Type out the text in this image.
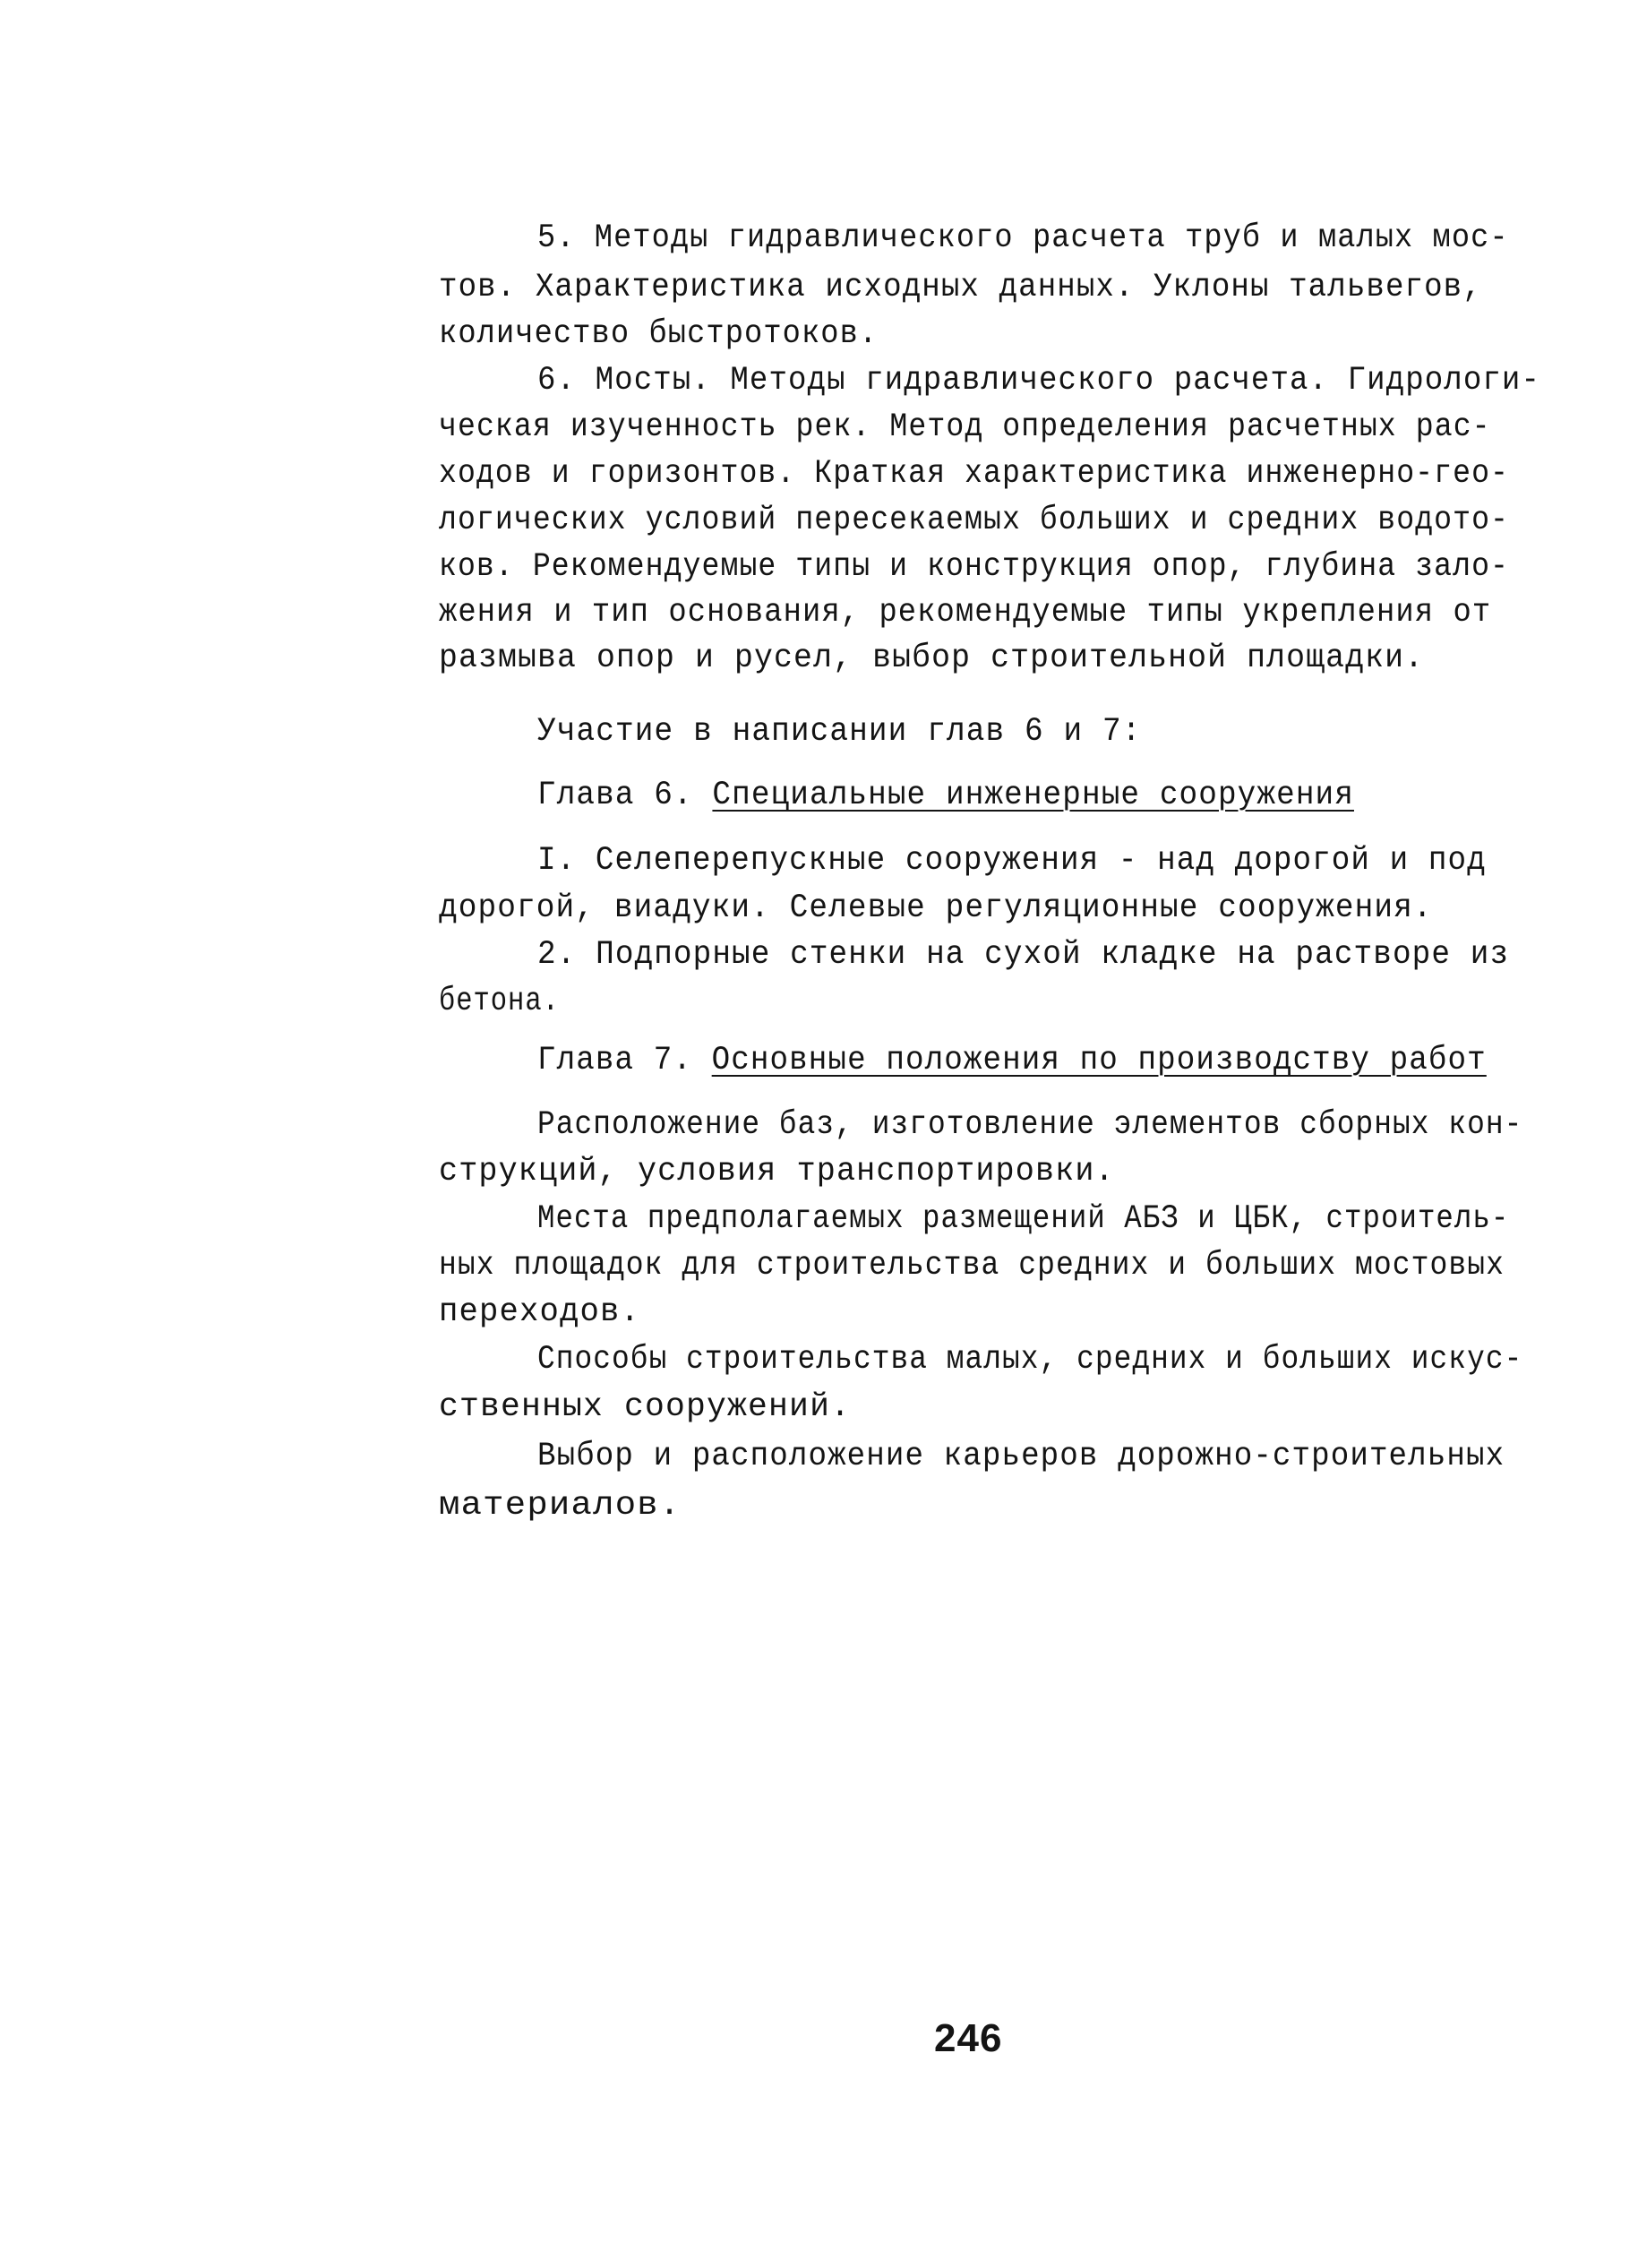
5. Методы гидравлического расчета труб и малых мос-
тов. Характеристика исходных данных. Уклоны тальвегов,
количество быстротоков.
6. Мосты. Методы гидравлического расчета. Гидрологи-
ческая изученность рек. Метод определения расчетных рас-
ходов и горизонтов. Краткая характеристика инженерно-гео-
логических условий пересекаемых больших и средних водото-
ков. Рекомендуемые типы и конструкция опор, глубина зало-
жения и тип основания, рекомендуемые типы укрепления от
размыва опор и русел, выбор строительной площадки.
Участие в написании глав 6 и 7:
Глава 6. Специальные инженерные сооружения
I. Селеперепускные сооружения - над дорогой и под
дорогой, виадуки. Селевые регуляционные сооружения.
2. Подпорные стенки на сухой кладке на растворе из
бетона.
Глава 7. Основные положения по производству работ
Расположение баз, изготовление элементов сборных кон-
струкций, условия транспортировки.
Места предполагаемых размещений АБЗ и ЦБК, строитель-
ных площадок для строительства средних и больших мостовых
переходов.
Способы строительства малых, средних и больших искус-
ственных сооружений.
Выбор и расположение карьеров дорожно-строительных
материалов.
246
